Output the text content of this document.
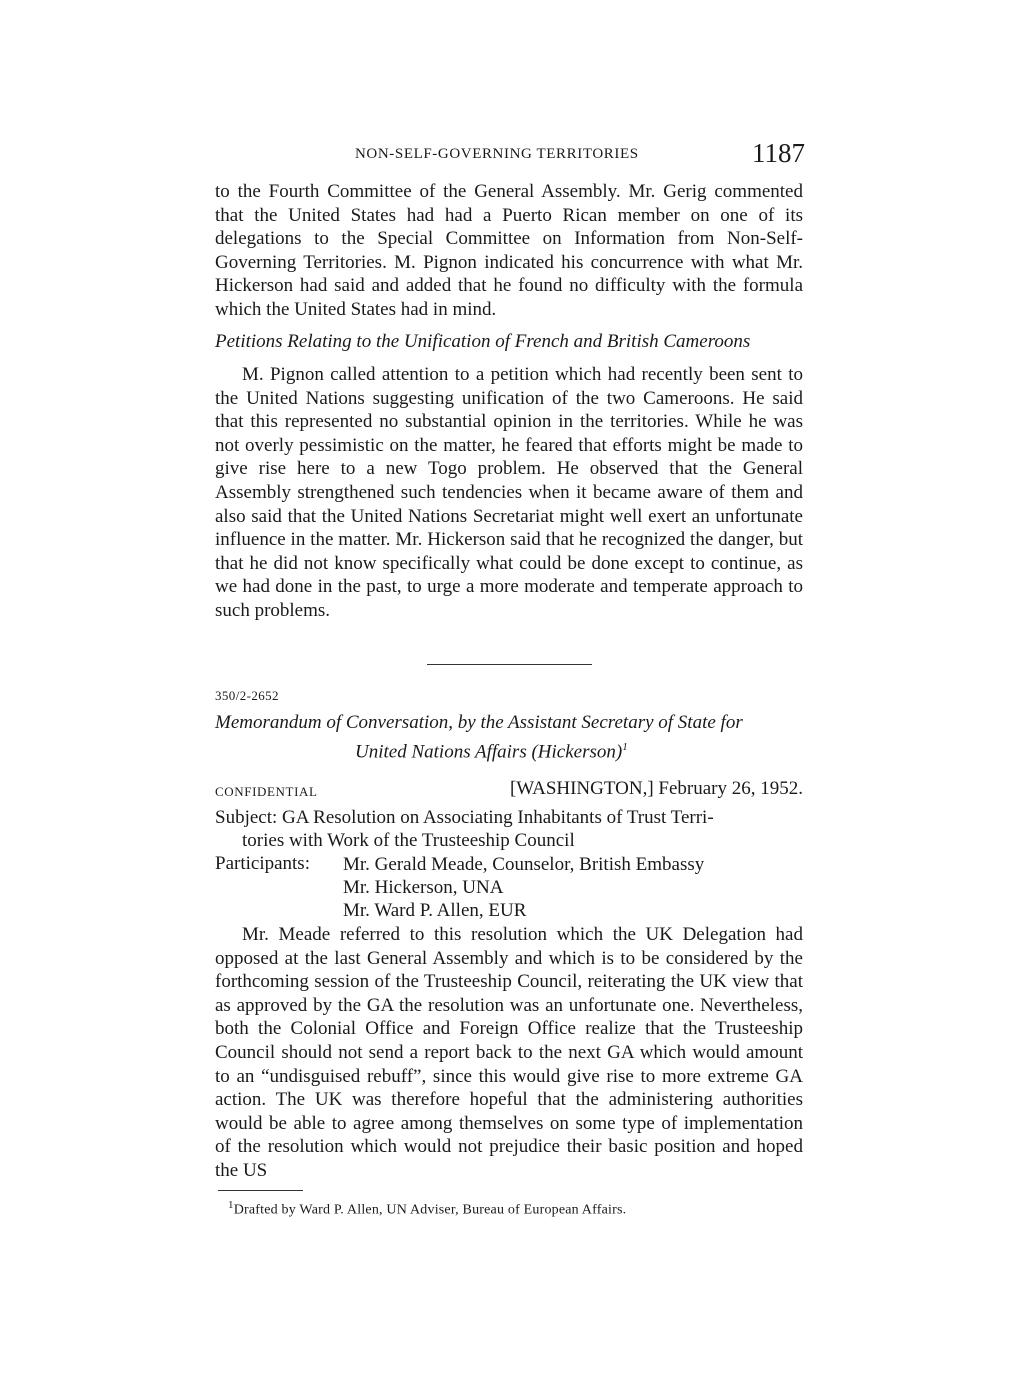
NON-SELF-GOVERNING TERRITORIES	1187
to the Fourth Committee of the General Assembly. Mr. Gerig commented that the United States had had a Puerto Rican member on one of its delegations to the Special Committee on Information from Non-Self-Governing Territories. M. Pignon indicated his concurrence with what Mr. Hickerson had said and added that he found no difficulty with the formula which the United States had in mind.
Petitions Relating to the Unification of French and British Cameroons
M. Pignon called attention to a petition which had recently been sent to the United Nations suggesting unification of the two Cameroons. He said that this represented no substantial opinion in the territories. While he was not overly pessimistic on the matter, he feared that efforts might be made to give rise here to a new Togo problem. He observed that the General Assembly strengthened such tendencies when it became aware of them and also said that the United Nations Secretariat might well exert an unfortunate influence in the matter. Mr. Hickerson said that he recognized the danger, but that he did not know specifically what could be done except to continue, as we had done in the past, to urge a more moderate and temperate approach to such problems.
350/2-2652
Memorandum of Conversation, by the Assistant Secretary of State for
United Nations Affairs (Hickerson)$^1$
CONFIDENTIAL	[WASHINGTON,] February 26, 1952.
Subject: GA Resolution on Associating Inhabitants of Trust Terri-
tories with Work of the Trusteeship Council
Participants: Mr. Gerald Meade, Counselor, British Embassy
Mr. Hickerson, UNA
Mr. Ward P. Allen, EUR
Mr. Meade referred to this resolution which the UK Delegation had opposed at the last General Assembly and which is to be considered by the forthcoming session of the Trusteeship Council, reiterating the UK view that as approved by the GA the resolution was an unfortunate one. Nevertheless, both the Colonial Office and Foreign Office realize that the Trusteeship Council should not send a report back to the next GA which would amount to an “undisguised rebuff”, since this would give rise to more extreme GA action. The UK was therefore hopeful that the administering authorities would be able to agree among themselves on some type of implementation of the resolution which would not prejudice their basic position and hoped the US
$^1$Drafted by Ward P. Allen, UN Adviser, Bureau of European Affairs.
